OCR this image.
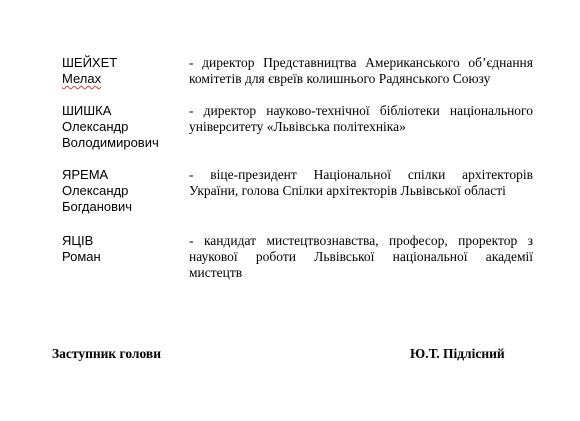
ШЕЙХЕТ
Мелах
- директор Представництва Американського об’єднання
комітетів для євреїв колишнього Радянського Союзу
ШИШКА
Олександр
Володимирович
- директор науково-технічної бібліотеки національного
університету «Львівська політехніка»
ЯРЕМА
Олександр
Богданович
- віце-президент Національної спілки архітекторів
України, голова Спілки архітекторів Львівської області
ЯЦІВ
Роман
- кандидат мистецтвознавства, професор, проректор з
наукової роботи Львівської національної академії
мистецтв
Заступник голови	Ю.Т. Підлісний
